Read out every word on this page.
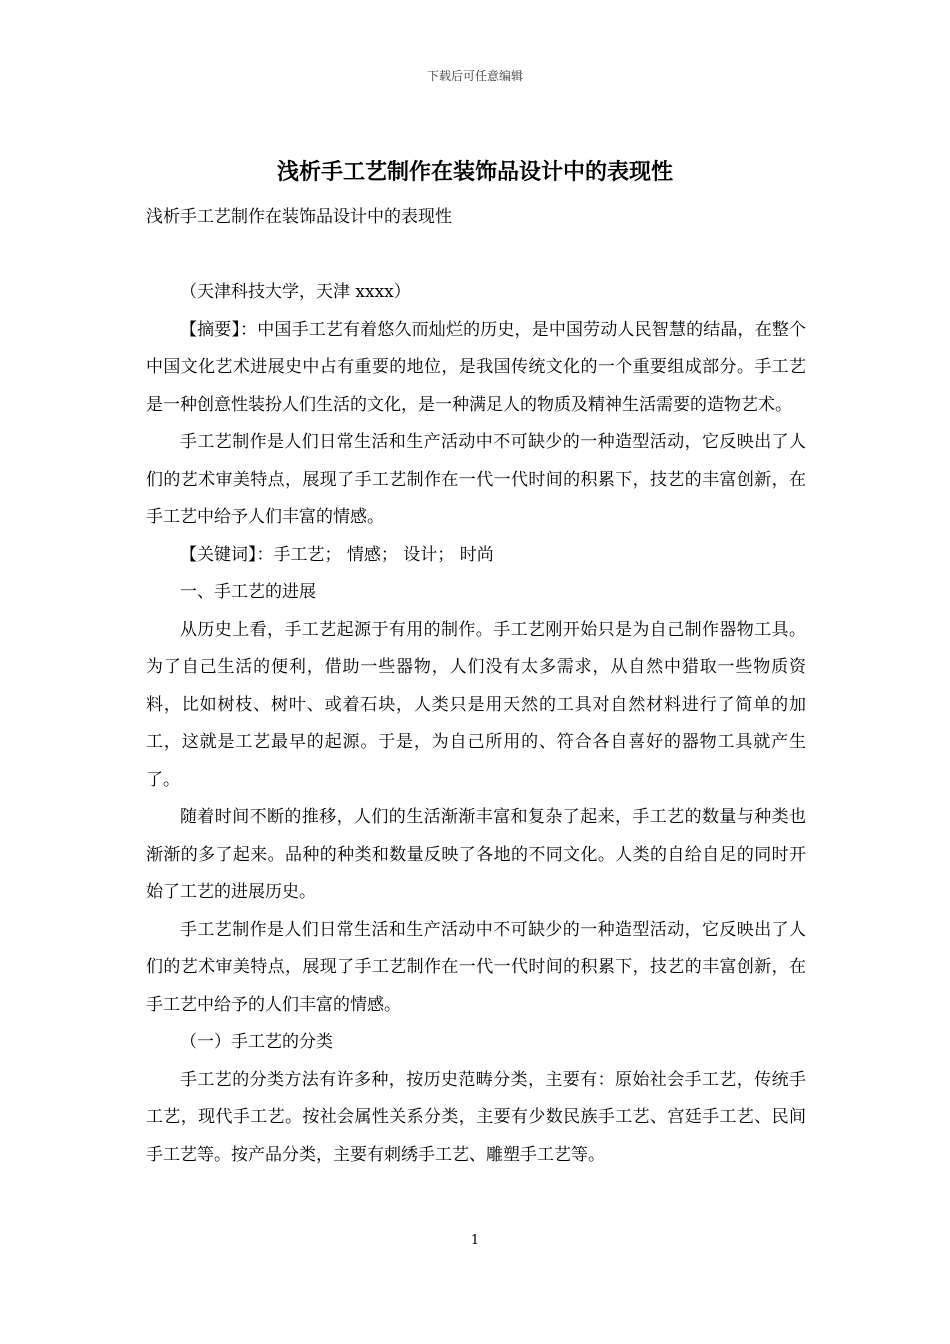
下载后可任意编辑
浅析手工艺制作在装饰品设计中的表现性

浅析手工艺制作在装饰品设计中的表现性

（天津科技大学，天津 xxxx）

【摘要】：中国手工艺有着悠久而灿烂的历史，是中国劳动人民智慧的结晶，在整个中国文化艺术进展史中占有重要的地位，是我国传统文化的一个重要组成部分。手工艺是一种创意性装扮人们生活的文化，是一种满足人的物质及精神生活需要的造物艺术。

手工艺制作是人们日常生活和生产活动中不可缺少的一种造型活动，它反映出了人们的艺术审美特点，展现了手工艺制作在一代一代时间的积累下，技艺的丰富创新，在手工艺中给予人们丰富的情感。

【关键词】：手工艺； 情感； 设计； 时尚

一、手工艺的进展

从历史上看，手工艺起源于有用的制作。手工艺刚开始只是为自己制作器物工具。为了自己生活的便利，借助一些器物，人们没有太多需求，从自然中猎取一些物质资料，比如树枝、树叶、或着石块，人类只是用天然的工具对自然材料进行了简单的加工，这就是工艺最早的起源。于是，为自己所用的、符合各自喜好的器物工具就产生了。

随着时间不断的推移，人们的生活渐渐丰富和复杂了起来，手工艺的数量与种类也渐渐的多了起来。品种的种类和数量反映了各地的不同文化。人类的自给自足的同时开始了工艺的进展历史。

手工艺制作是人们日常生活和生产活动中不可缺少的一种造型活动，它反映出了人们的艺术审美特点，展现了手工艺制作在一代一代时间的积累下，技艺的丰富创新，在手工艺中给予的人们丰富的情感。

（一）手工艺的分类

手工艺的分类方法有许多种，按历史范畴分类，主要有：原始社会手工艺，传统手工艺，现代手工艺。按社会属性关系分类，主要有少数民族手工艺、宫廷手工艺、民间手工艺等。按产品分类，主要有刺绣手工艺、雕塑手工艺等。

1
